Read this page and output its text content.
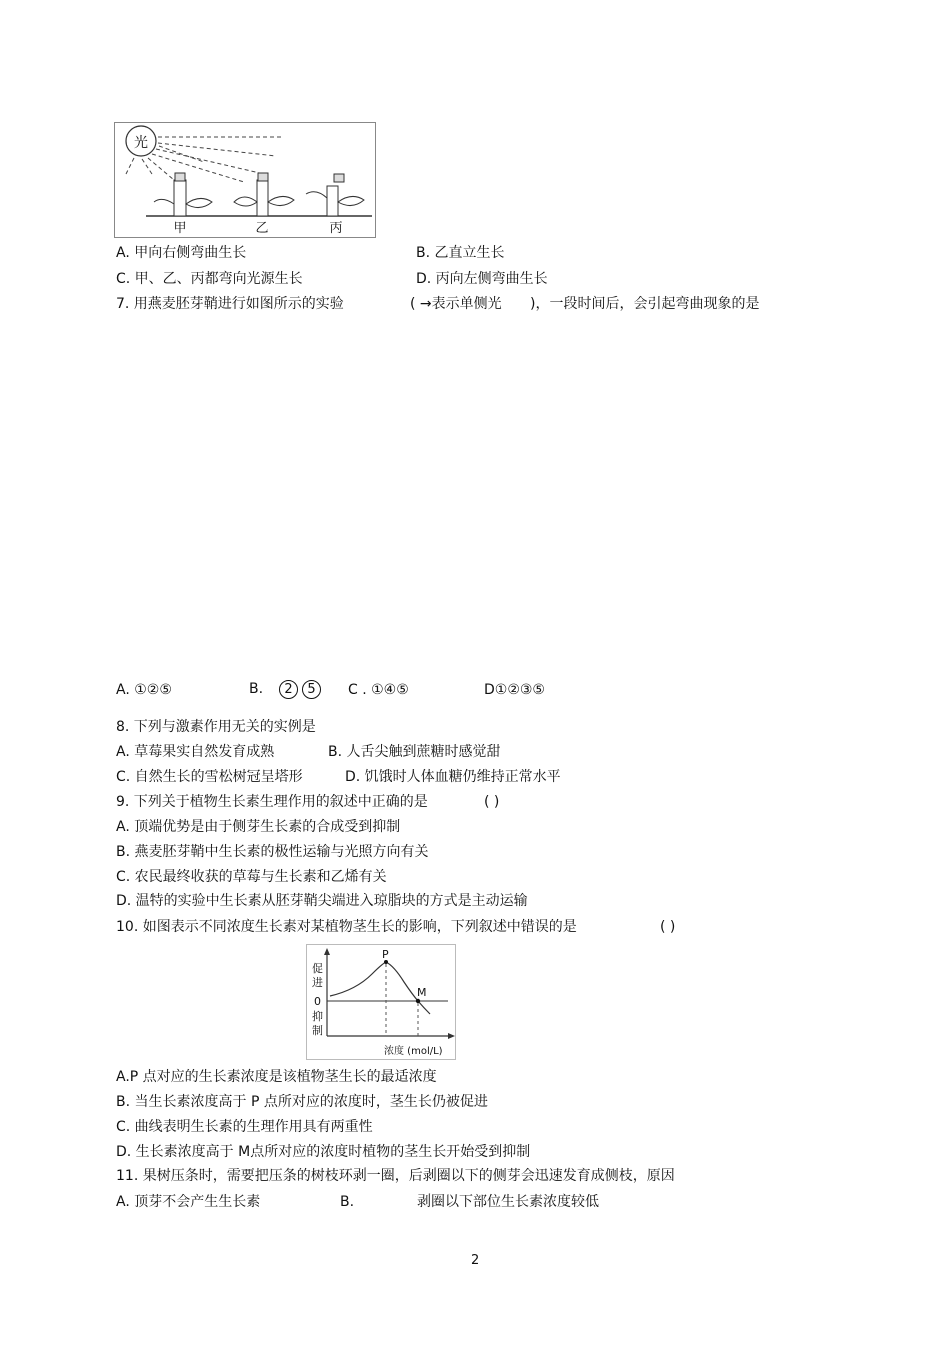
光
甲	乙	丙
A. 甲向右侧弯曲生长	B. 乙直立生长
C. 甲、乙、丙都弯向光源生长	D. 丙向左侧弯曲生长
7. 用燕麦胚芽鞘进行如图所示的实验	( →表示单侧光 )，一段时间后，会引起弯曲现象的是
A. ①②⑤	B. 2 5	C . ①④⑤	D①②③⑤
8. 下列与激素作用无关的实例是
A. 草莓果实自然发育成熟	B. 人舌尖触到蔗糖时感觉甜
C. 自然生长的雪松树冠呈塔形	D. 饥饿时人体血糖仍维持正常水平
9. 下列关于植物生长素生理作用的叙述中正确的是	( )
A. 顶端优势是由于侧芽生长素的合成受到抑制
B. 燕麦胚芽鞘中生长素的极性运输与光照方向有关
C. 农民最终收获的草莓与生长素和乙烯有关
D. 温特的实验中生长素从胚芽鞘尖端进入琼脂块的方式是主动运输
10. 如图表示不同浓度生长素对某植物茎生长的影响，下列叙述中错误的是	( )
促
进
0
抑
制
P
M
浓度 (mol/L)
A.P 点对应的生长素浓度是该植物茎生长的最适浓度
B. 当生长素浓度高于 P 点所对应的浓度时，茎生长仍被促进
C. 曲线表明生长素的生理作用具有两重性
D. 生长素浓度高于 M点所对应的浓度时植物的茎生长开始受到抑制
11. 果树压条时，需要把压条的树枝环剥一圈，后剥圈以下的侧芽会迅速发育成侧枝，原因
A. 顶芽不会产生生长素	B.	剥圈以下部位生长素浓度较低
2
